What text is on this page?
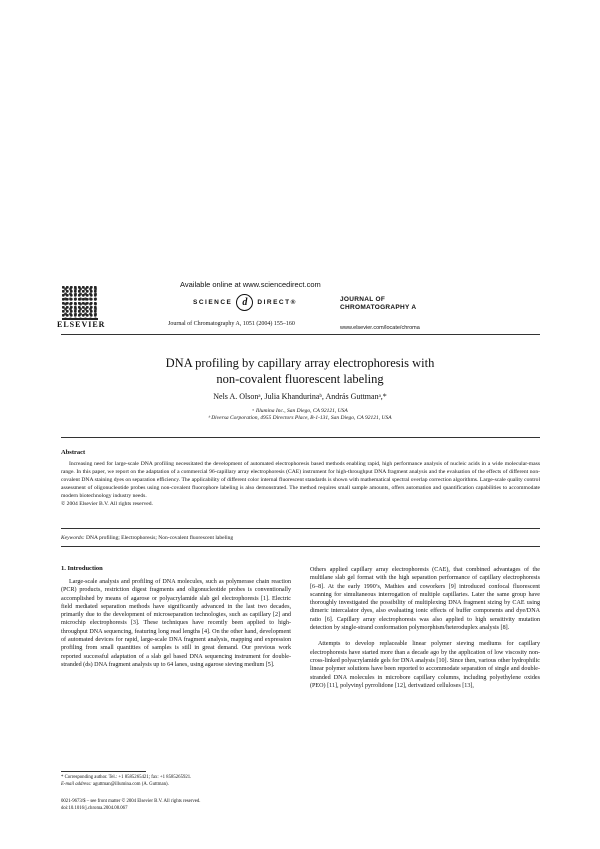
ELSEVIER
Available online at www.sciencedirect.com
SCIENCE	d	DIRECT®
Journal of Chromatography A, 1051 (2004) 155–160
JOURNAL OF
CHROMATOGRAPHY A
www.elsevier.com/locate/chroma
DNA profiling by capillary array electrophoresis with
non-covalent fluorescent labeling
Nels A. Olsonᵃ, Julia Khandurinaᵇ, András Guttmanᵃ,*
ᵃ Illumina Inc., San Diego, CA 92121, USA
ᵇ Diversa Corporation, 4955 Directors Place, B-1-131, San Diego, CA 92121, USA
Abstract
Increasing need for large-scale DNA profiling necessitated the development of automated electrophoresis based methods enabling rapid, high performance analysis of nucleic acids in a wide molecular-mass range. In this paper, we report on the adaptation of a commercial 96-capillary array electrophoresis (CAE) instrument for high-throughput DNA fragment analysis and the evaluation of the effects of different non-covalent DNA staining dyes on separation efficiency. The applicability of different color internal fluorescent standards is shown with mathematical spectral overlap correction algorithms. Large-scale quality control assessment of oligonucleotide probes using non-covalent fluorophore labeling is also demonstrated. The method requires small sample amounts, offers automation and quantification capabilities to accommodate modern biotechnology industry needs.
© 2004 Elsevier B.V. All rights reserved.
Keywords: DNA profiling; Electrophoresis; Non-covalent fluorescent labeling
1. Introduction

Large-scale analysis and profiling of DNA molecules, such as polymerase chain reaction (PCR) products, restriction digest fragments and oligonucleotide probes is conventionally accomplished by means of agarose or polyacrylamide slab gel electrophoresis [1]. Electric field mediated separation methods have significantly advanced in the last two decades, primarily due to the development of microseparation technologies, such as capillary [2] and microchip electrophoresis [3]. These techniques have recently been applied to high-throughput DNA sequencing, featuring long read lengths [4]. On the other hand, development of automated devices for rapid, large-scale DNA fragment analysis, mapping and expression profiling from small quantities of samples is still in great demand. Our previous work reported successful adaptation of a slab gel based DNA sequencing instrument for double-stranded (ds) DNA fragment analysis up to 64 lanes, using agarose sieving medium [5].

Others applied capillary array electrophoresis (CAE), that combined advantages of the multilane slab gel format with the high separation performance of capillary electrophoresis [6–8]. At the early 1990’s, Mathies and coworkers [9] introduced confocal fluorescent scanning for simultaneous interrogation of multiple capillaries. Later the same group have thoroughly investigated the possibility of multiplexing DNA fragment sizing by CAE using dimeric intercalator dyes, also evaluating ionic effects of buffer components and dye/DNA ratio [6]. Capillary array electrophoresis was also applied to high sensitivity mutation detection by single-strand conformation polymorphism/heteroduplex analysis [8].

Attempts to develop replaceable linear polymer sieving mediums for capillary electrophoresis have started more than a decade ago by the application of low viscosity non-cross-linked polyacrylamide gels for DNA analysis [10]. Since then, various other hydrophilic linear polymer solutions have been reported to accommodate separation of single and double-stranded DNA molecules in microbore capillary columns, including polyethylene oxides (PEO) [11], polyvinyl pyrrolidone [12], derivatized celluloses [13],

* Corresponding author. Tel.: +1 8585265421; fax: +1 8585265921.
E-mail address: aguttman@illumina.com (A. Guttman).
0021-9673/$ – see front matter © 2004 Elsevier B.V. All rights reserved.
doi:10.1016/j.chroma.2004.08.067
